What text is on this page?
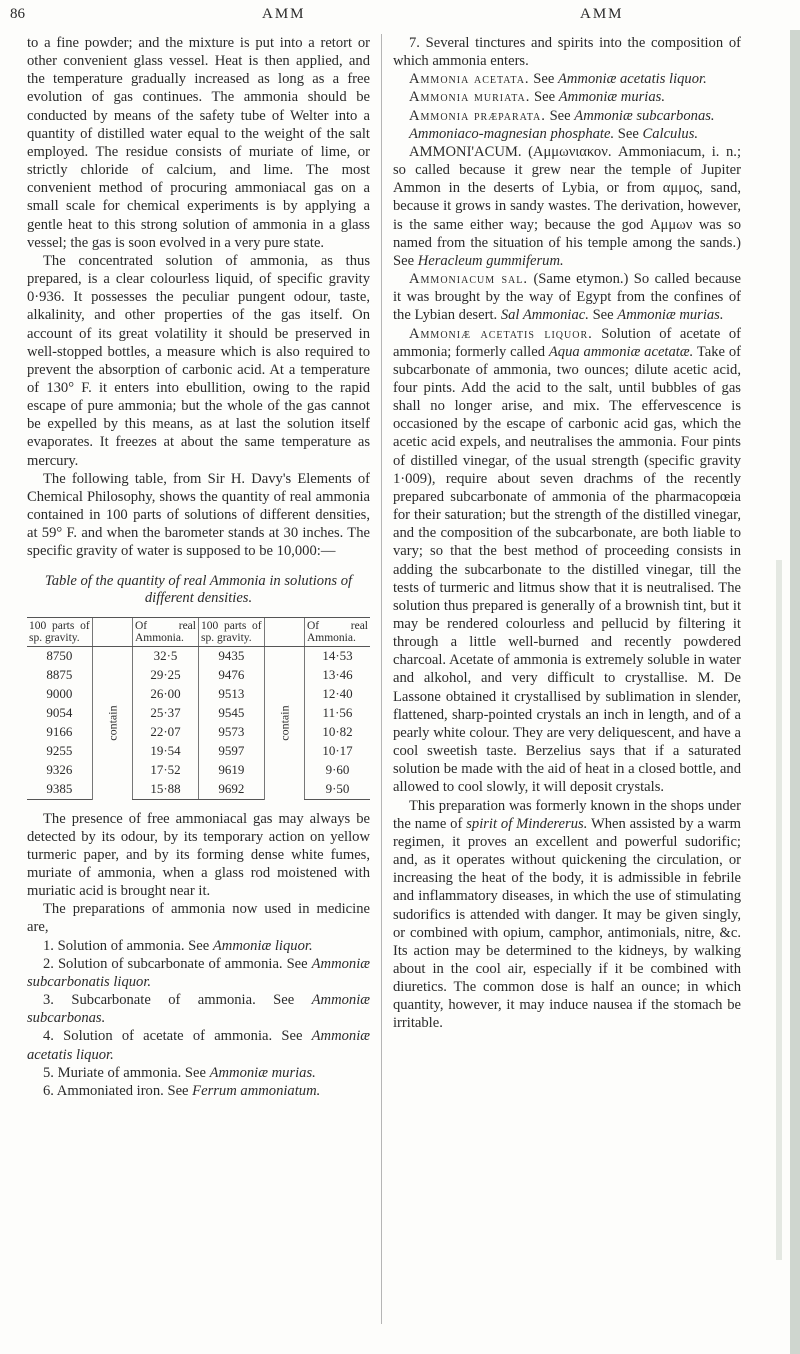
86	AMM	AMM

to a fine powder; and the mixture is put into a retort or other convenient glass vessel. Heat is then applied, and the temperature gradually increased as long as a free evolution of gas continues. The ammonia should be conducted by means of the safety tube of Welter into a quantity of distilled water equal to the weight of the salt employed. The residue consists of muriate of lime, or strictly chloride of calcium, and lime. The most convenient method of procuring ammoniacal gas on a small scale for chemical experiments is by applying a gentle heat to this strong solution of ammonia in a glass vessel; the gas is soon evolved in a very pure state.

The concentrated solution of ammonia, as thus prepared, is a clear colourless liquid, of specific gravity 0·936. It possesses the peculiar pungent odour, taste, alkalinity, and other properties of the gas itself. On account of its great volatility it should be preserved in well-stopped bottles, a measure which is also required to prevent the absorption of carbonic acid. At a temperature of 130° F. it enters into ebullition, owing to the rapid escape of pure ammonia; but the whole of the gas cannot be expelled by this means, as at last the solution itself evaporates. It freezes at about the same temperature as mercury.

The following table, from Sir H. Davy's Elements of Chemical Philosophy, shows the quantity of real ammonia contained in 100 parts of solutions of different densities, at 59° F. and when the barometer stands at 30 inches. The specific gravity of water is supposed to be 10,000:—

Table of the quantity of real Ammonia in solutions of different densities.

100 parts of sp. gravity.		Of real Ammonia.	100 parts of sp. gravity.		Of real Ammonia.
8750	contain	32·5	9435	contain	14·53
8875		29·25	9476		13·46
9000		26·00	9513		12·40
9054		25·37	9545		11·56
9166		22·07	9573		10·82
9255		19·54	9597		10·17
9326		17·52	9619		9·60
9385		15·88	9692		9·50

The presence of free ammoniacal gas may always be detected by its odour, by its temporary action on yellow turmeric paper, and by its forming dense white fumes, muriate of ammonia, when a glass rod moistened with muriatic acid is brought near it.

The preparations of ammonia now used in medicine are,

1. Solution of ammonia. See Ammoniæ liquor.

2. Solution of subcarbonate of ammonia. See Ammoniæ subcarbonatis liquor.

3. Subcarbonate of ammonia. See Ammoniæ subcarbonas.

4. Solution of acetate of ammonia. See Ammoniæ acetatis liquor.

5. Muriate of ammonia. See Ammoniæ murias.

6. Ammoniated iron. See Ferrum ammoniatum.

7. Several tinctures and spirits into the composition of which ammonia enters.

Ammonia acetata. See Ammoniæ acetatis liquor.

Ammonia muriata. See Ammoniæ murias.

Ammonia præparata. See Ammoniæ subcarbonas.

Ammoniaco-magnesian phosphate. See Calculus.

AMMONI'ACUM. (Αμμωνιακον. Ammoniacum, i. n.; so called because it grew near the temple of Jupiter Ammon in the deserts of Lybia, or from αμμος, sand, because it grows in sandy wastes. The derivation, however, is the same either way; because the god Αμμων was so named from the situation of his temple among the sands.) See Heracleum gummiferum.

Ammoniacum sal. (Same etymon.) So called because it was brought by the way of Egypt from the confines of the Lybian desert. Sal Ammoniac. See Ammoniæ murias.

Ammoniæ acetatis liquor. Solution of acetate of ammonia; formerly called Aqua ammoniæ acetatæ. Take of subcarbonate of ammonia, two ounces; dilute acetic acid, four pints. Add the acid to the salt, until bubbles of gas shall no longer arise, and mix. The effervescence is occasioned by the escape of carbonic acid gas, which the acetic acid expels, and neutralises the ammonia. Four pints of distilled vinegar, of the usual strength (specific gravity 1·009), require about seven drachms of the recently prepared subcarbonate of ammonia of the pharmacopœia for their saturation; but the strength of the distilled vinegar, and the composition of the subcarbonate, are both liable to vary; so that the best method of proceeding consists in adding the subcarbonate to the distilled vinegar, till the tests of turmeric and litmus show that it is neutralised. The solution thus prepared is generally of a brownish tint, but it may be rendered colourless and pellucid by filtering it through a little well-burned and recently powdered charcoal. Acetate of ammonia is extremely soluble in water and alkohol, and very difficult to crystallise. M. De Lassone obtained it crystallised by sublimation in slender, flattened, sharp-pointed crystals an inch in length, and of a pearly white colour. They are very deliquescent, and have a cool sweetish taste. Berzelius says that if a saturated solution be made with the aid of heat in a closed bottle, and allowed to cool slowly, it will deposit crystals.

This preparation was formerly known in the shops under the name of spirit of Mindererus. When assisted by a warm regimen, it proves an excellent and powerful sudorific; and, as it operates without quickening the circulation, or increasing the heat of the body, it is admissible in febrile and inflammatory diseases, in which the use of stimulating sudorifics is attended with danger. It may be given singly, or combined with opium, camphor, antimonials, nitre, &c. Its action may be determined to the kidneys, by walking about in the cool air, especially if it be combined with diuretics. The common dose is half an ounce; in which quantity, however, it may induce nausea if the stomach be irritable.
